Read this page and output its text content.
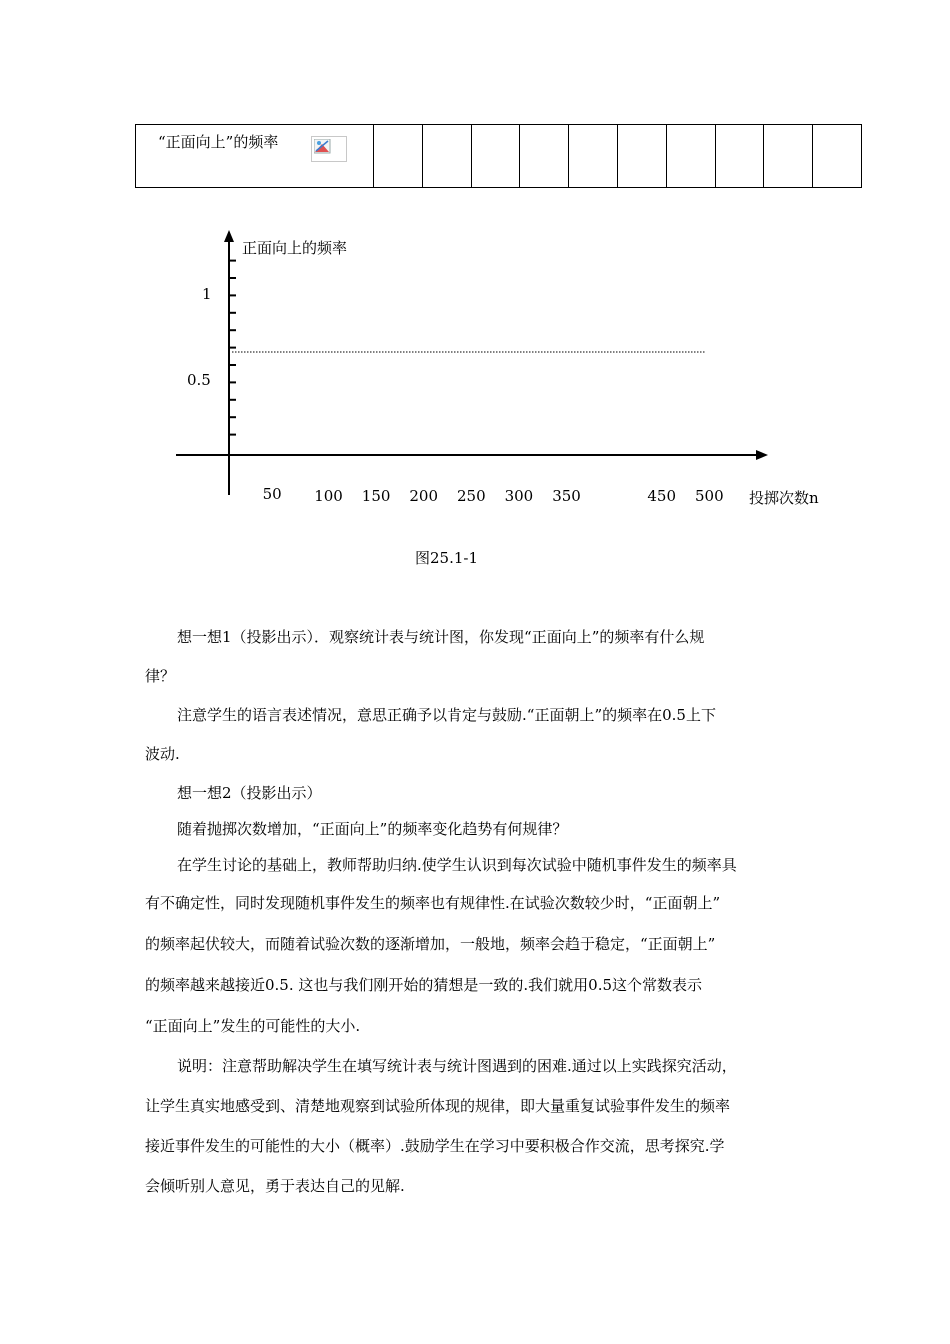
“正面向上”的频率

正面向上的频率
1
0.5
50 100 150 200 250 300 350	450 500 投掷次数n
图25.1-1
想一想1（投影出示）．观察统计表与统计图，你发现“正面向上”的频率有什么规
律？
注意学生的语言表述情况，意思正确予以肯定与鼓励.“正面朝上”的频率在0.5上下
波动.
想一想2（投影出示）
随着抛掷次数增加，“正面向上”的频率变化趋势有何规律？
在学生讨论的基础上，教师帮助归纳.使学生认识到每次试验中随机事件发生的频率具
有不确定性，同时发现随机事件发生的频率也有规律性.在试验次数较少时，“正面朝上”
的频率起伏较大，而随着试验次数的逐渐增加，一般地，频率会趋于稳定，“正面朝上”
的频率越来越接近0.5. 这也与我们刚开始的猜想是一致的.我们就用0.5这个常数表示
“正面向上”发生的可能性的大小.
说明：注意帮助解决学生在填写统计表与统计图遇到的困难.通过以上实践探究活动，
让学生真实地感受到、清楚地观察到试验所体现的规律，即大量重复试验事件发生的频率
接近事件发生的可能性的大小（概率）.鼓励学生在学习中要积极合作交流，思考探究.学
会倾听别人意见，勇于表达自己的见解.
